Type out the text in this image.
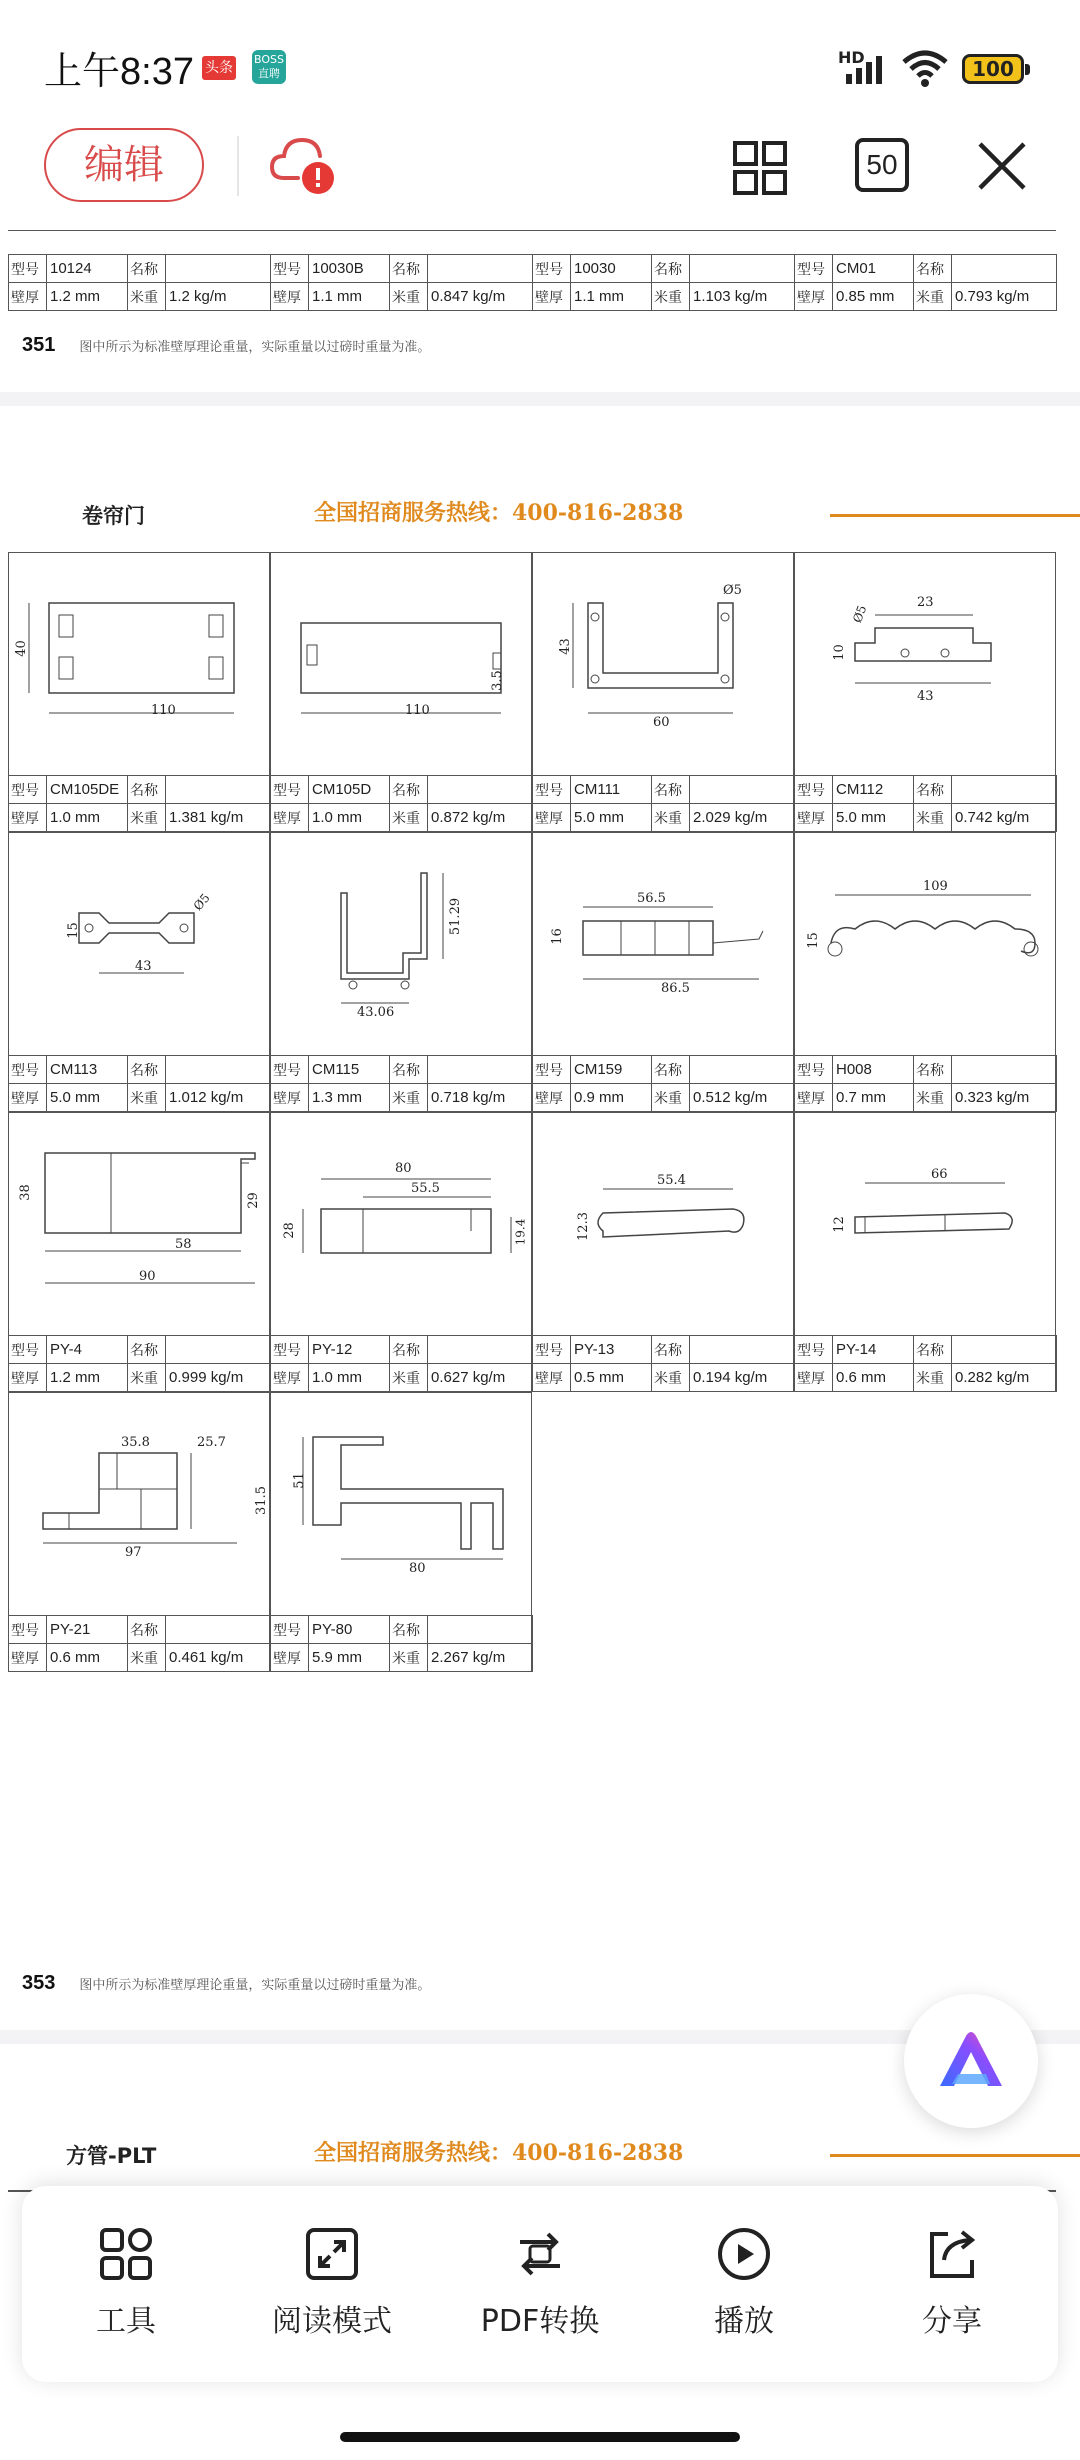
上午8:37 头条
BOSS直聘
HD	100
编辑	50
型号	10124	名称		型号	10030B	名称		型号	10030	名称		型号	CM01	名称	
壁厚	1.2 mm	米重	1.2 kg/m	壁厚	1.1 mm	米重	0.847 kg/m	壁厚	1.1 mm	米重	1.103 kg/m	壁厚	0.85 mm	米重	0.793 kg/m
351 图中所示为标准壁厚理论重量，实际重量以过磅时重量为准。
卷帘门	全国招商服务热线：400-816-2838
110
40
型号	CM105DE	名称	
壁厚	1.0 mm	米重	1.381 kg/m
110
3.5
型号	CM105D	名称	
壁厚	1.0 mm	米重	0.872 kg/m
Ø5
43
60
型号	CM111	名称	
壁厚	5.0 mm	米重	2.029 kg/m
23
Ø5
10
43
型号	CM112	名称	
壁厚	5.0 mm	米重	0.742 kg/m
Ø5
15
43
型号	CM113	名称	
壁厚	5.0 mm	米重	1.012 kg/m
51.29
43.06
型号	CM115	名称	
壁厚	1.3 mm	米重	0.718 kg/m
56.5
16
86.5
型号	CM159	名称	
壁厚	0.9 mm	米重	0.512 kg/m
109
15
型号	H008	名称	
壁厚	0.7 mm	米重	0.323 kg/m
38	29
58
90
型号	PY-4	名称	
壁厚	1.2 mm	米重	0.999 kg/m
80
55.5
28	19.4
型号	PY-12	名称	
壁厚	1.0 mm	米重	0.627 kg/m
55.4
12.3
型号	PY-13	名称	
壁厚	0.5 mm	米重	0.194 kg/m
66
12
型号	PY-14	名称	
壁厚	0.6 mm	米重	0.282 kg/m
35.8	25.7
31.5
97
型号	PY-21	名称	
壁厚	0.6 mm	米重	0.461 kg/m
51
80
型号	PY-80	名称	
壁厚	5.9 mm	米重	2.267 kg/m
353 图中所示为标准壁厚理论重量，实际重量以过磅时重量为准。
方管-PLT	全国招商服务热线：400-816-2838
工具	阅读模式	PDF转换	播放	分享
